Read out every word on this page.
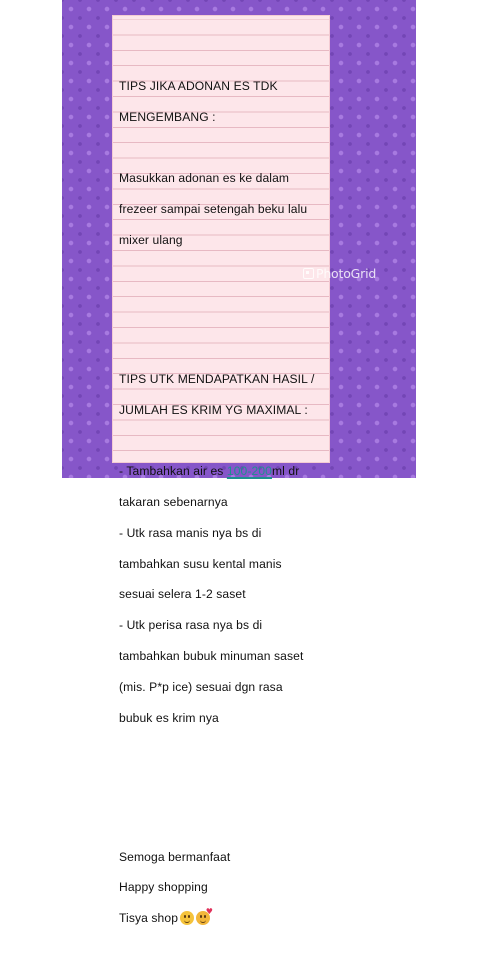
TIPS JIKA ADONAN ES TDK

MENGEMBANG :

Masukkan adonan es ke dalam

frezeer sampai setengah beku lalu

mixer ulang

TIPS UTK MENDAPATKAN HASIL /

JUMLAH ES KRIM YG MAXIMAL :

- Tambahkan air es 100-200ml dr

takaran sebenarnya

- Utk rasa manis nya bs di

tambahkan susu kental manis

sesuai selera 1-2 saset

- Utk perisa rasa nya bs di

tambahkan bubuk minuman saset

(mis. P*p ice) sesuai dgn rasa

bubuk es krim nya

Semoga bermanfaat

Happy shopping

Tisya shop	♥

PhotoGrid
